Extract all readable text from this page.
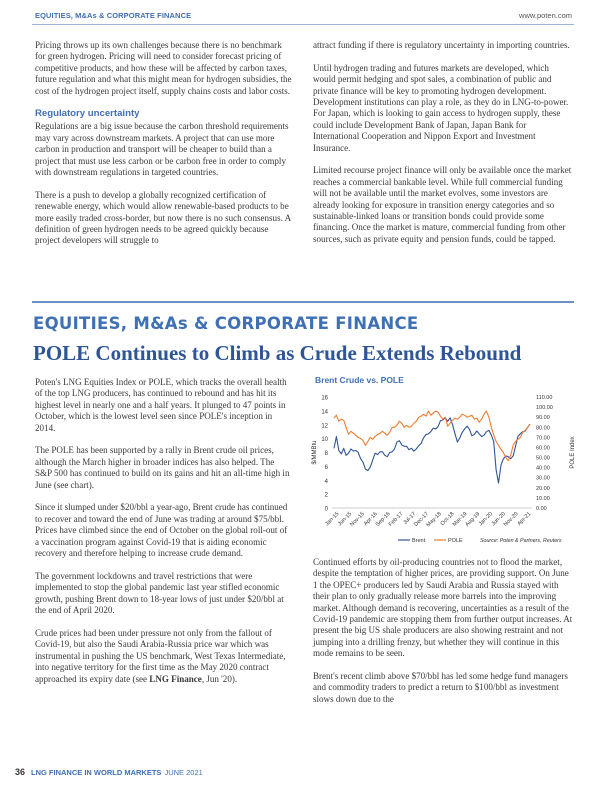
EQUITIES, M&As & CORPORATE FINANCE	www.poten.com

Pricing throws up its own challenges because there is no benchmark for green hydrogen. Pricing will need to consider forecast pricing of competitive products, and how these will be affected by carbon taxes, future regulation and what this might mean for hydrogen subsidies, the cost of the hydrogen project itself, supply chains costs and labor costs.

Regulatory uncertainty

Regulations are a big issue because the carbon threshold requirements may vary across downstream markets. A project that can use more carbon in production and transport will be cheaper to build than a project that must use less carbon or be carbon free in order to comply with downstream regulations in targeted countries.

There is a push to develop a globally recognized certification of renewable energy, which would allow renewable-based products to be more easily traded cross-border, but now there is no such consensus. A definition of green hydrogen needs to be agreed quickly because project developers will struggle to

attract funding if there is regulatory uncertainty in importing countries.

Until hydrogen trading and futures markets are developed, which would permit hedging and spot sales, a combination of public and private finance will be key to promoting hydrogen development. Development institutions can play a role, as they do in LNG-to-power. For Japan, which is looking to gain access to hydrogen supply, these could include Development Bank of Japan, Japan Bank for International Cooperation and Nippon Export and Investment Insurance.

Limited recourse project finance will only be available once the market reaches a commercial bankable level. While full commercial funding will not be available until the market evolves, some investors are already looking for exposure in transition energy categories and so sustainable-linked loans or transition bonds could provide some financing. Once the market is mature, commercial funding from other sources, such as private equity and pension funds, could be tapped.

EQUITIES, M&As & CORPORATE FINANCE
POLE Continues to Climb as Crude Extends Rebound

Poten's LNG Equities Index or POLE, which tracks the overall health of the top LNG producers, has continued to rebound and has hit its highest level in nearly one and a half years. It plunged to 47 points in October, which is the lowest level seen since POLE's inception in 2014.

The POLE has been supported by a rally in Brent crude oil prices, although the March higher in broader indices has also helped. The S&P 500 has continued to build on its gains and hit an all-time high in June (see chart).

Since it slumped under $20/bbl a year-ago, Brent crude has continued to recover and toward the end of June was trading at around $75/bbl. Prices have climbed since the end of October on the global roll-out of a vaccination program against Covid-19 that is aiding economic recovery and therefore helping to increase crude demand.

The government lockdowns and travel restrictions that were implemented to stop the global pandemic last year stifled economic growth, pushing Brent down to 18-year lows of just under $20/bbl at the end of April 2020.

Crude prices had been under pressure not only from the fallout of Covid-19, but also the Saudi Arabia-Russia price war which was instrumental in pushing the US benchmark, West Texas Intermediate, into negative territory for the first time as the May 2020 contract approached its expiry date (see LNG Finance, Jun '20).

Brent Crude vs. POLE
0
2
4
6
8
10
12
14
16
0.00
10.00
20.00
30.00
40.00
50.00
60.00
70.00
80.00
90.00
100.00
110.00
$/MMBtu	POLE Index
Jan-15
Jun-15
Nov-15
Apr-16
Sep-16
Feb-17
Jul-17
Dec-17
May-18
Oct-18
Mar-19
Aug-19
Jan-20
Jun-20
Nov-20
Apr-21
Brent	POLE	Source: Poten & Partners, Reuters

Continued efforts by oil-producing countries not to flood the market, despite the temptation of higher prices, are providing support. On June 1 the OPEC+ producers led by Saudi Arabia and Russia stayed with their plan to only gradually release more barrels into the improving market. Although demand is recovering, uncertainties as a result of the Covid-19 pandemic are stopping them from further output increases. At present the big US shale producers are also showing restraint and not jumping into a drilling frenzy, but whether they will continue in this mode remains to be seen.

Brent's recent climb above $70/bbl has led some hedge fund managers and commodity traders to predict a return to $100/bbl as investment slows down due to the

36 LNG FINANCE IN WORLD MARKETS JUNE 2021
